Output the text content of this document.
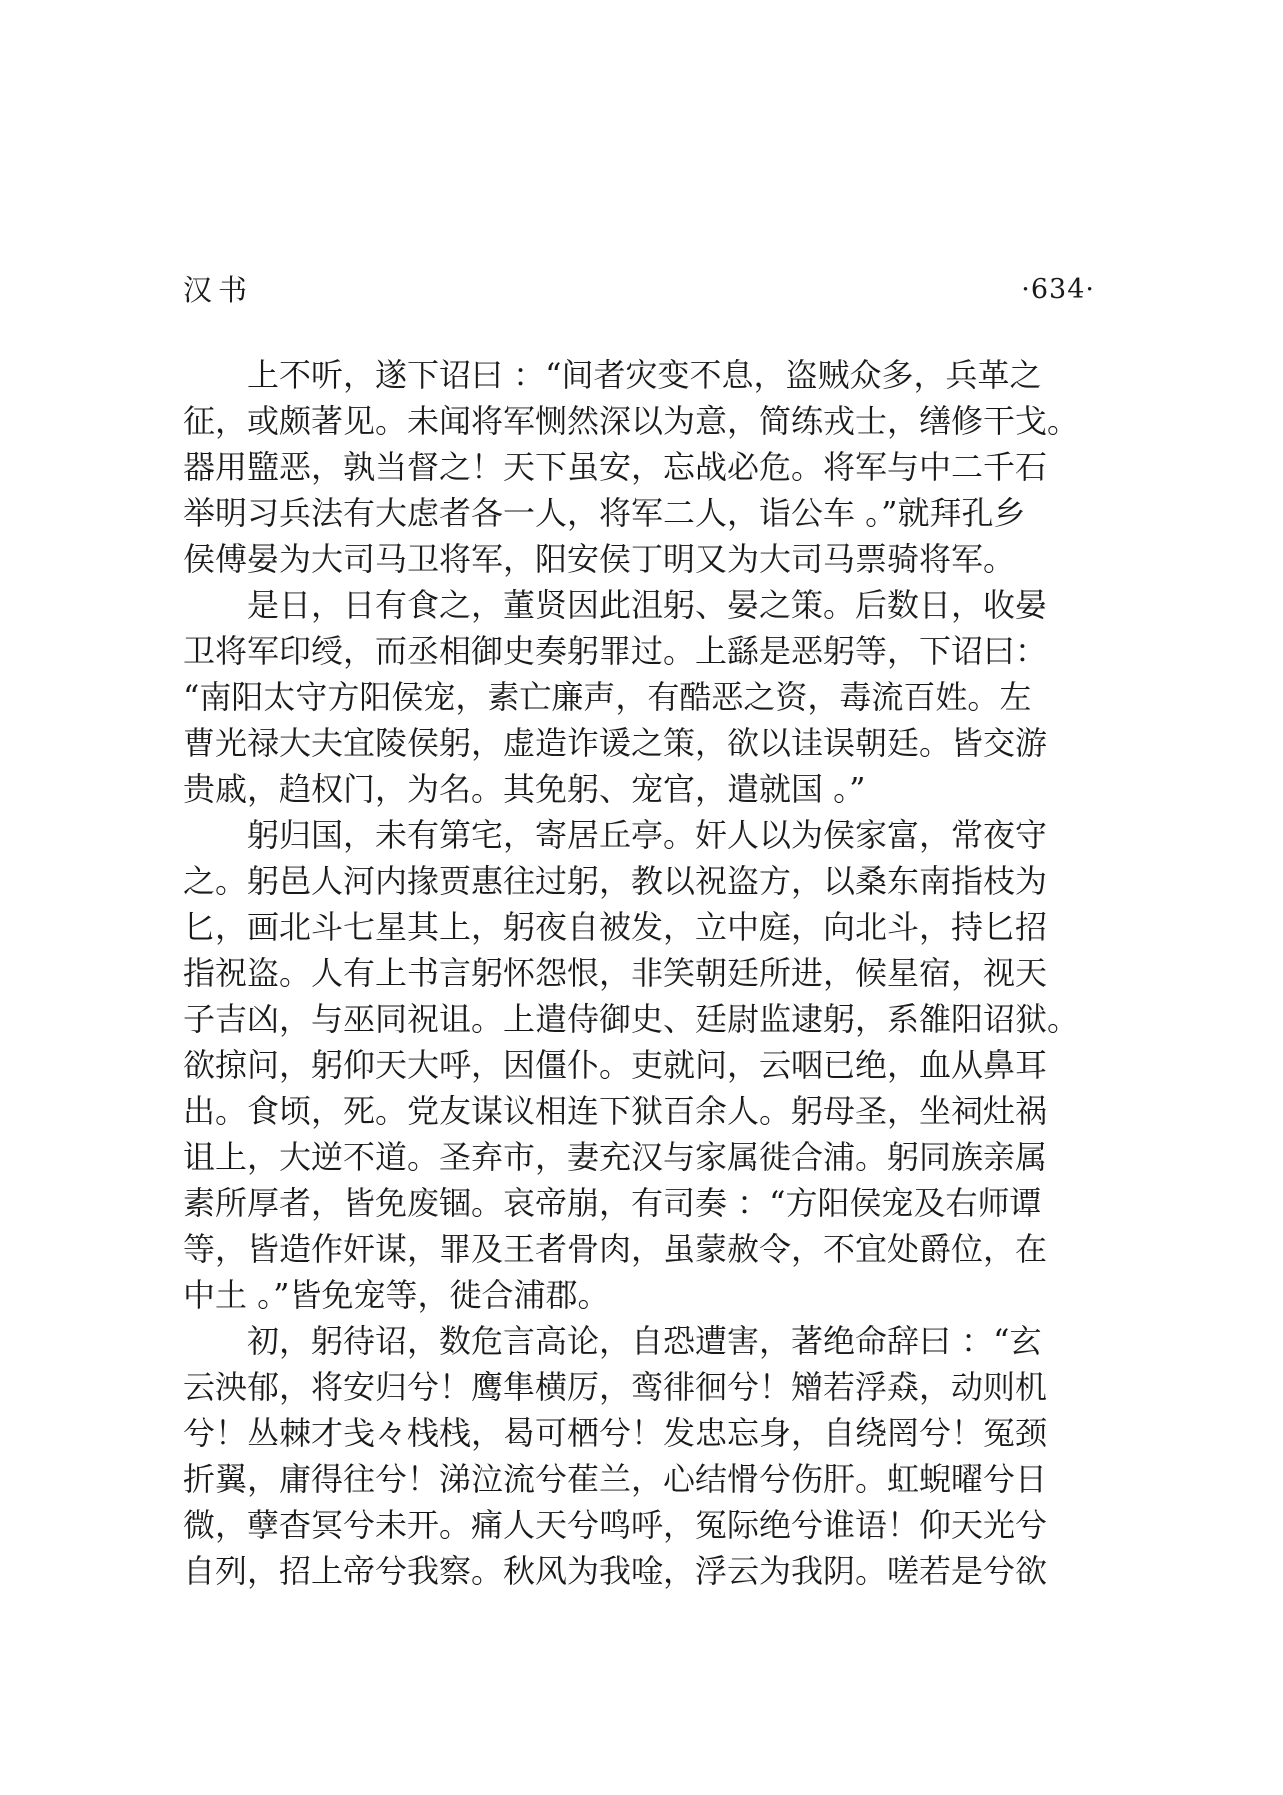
汉书	·634·

　　上不听，遂下诏曰 ：“间者灾变不息，盗贼众多，兵革之
征，或颇著见。未闻将军恻然深以为意，简练戎士，缮修干戈。
器用盬恶，孰当督之！天下虽安，忘战必危。将军与中二千石
举明习兵法有大虑者各一人，将军二人，诣公车 。”就拜孔乡
侯傅晏为大司马卫将军，阳安侯丁明又为大司马票骑将军。

　　是日，日有食之，董贤因此沮躬、晏之策。后数日，收晏
卫将军印绶，而丞相御史奏躬罪过。上繇是恶躬等，下诏曰：
“南阳太守方阳侯宠，素亡廉声，有酷恶之资，毒流百姓。左
曹光禄大夫宜陵侯躬，虚造诈谖之策，欲以诖误朝廷。皆交游
贵戚，趋权门，为名。其免躬、宠官，遣就国 。”

　　躬归国，未有第宅，寄居丘亭。奸人以为侯家富，常夜守
之。躬邑人河内掾贾惠往过躬，教以祝盗方，以桑东南指枝为
匕，画北斗七星其上，躬夜自被发，立中庭，向北斗，持匕招
指祝盗。人有上书言躬怀怨恨，非笑朝廷所进，候星宿，视天
子吉凶，与巫同祝诅。上遣侍御史、廷尉监逮躬，系雒阳诏狱。
欲掠问，躬仰天大呼，因僵仆。吏就问，云咽已绝，血从鼻耳
出。食顷，死。党友谋议相连下狱百余人。躬母圣，坐祠灶祸
诅上，大逆不道。圣弃市，妻充汉与家属徙合浦。躬同族亲属
素所厚者，皆免废锢。哀帝崩，有司奏 ：“方阳侯宠及右师谭
等，皆造作奸谋，罪及王者骨肉，虽蒙赦令，不宜处爵位，在
中土 。”皆免宠等，徙合浦郡。

　　初，躬待诏，数危言高论，自恐遭害，著绝命辞曰 ：“玄
云泱郁，将安归兮！鹰隼横厉，鸾徘徊兮！矰若浮猋，动则机
兮！丛棘才戋々栈栈，曷可栖兮！发忠忘身，自绕罔兮！冤颈
折翼，庸得往兮！涕泣流兮萑兰，心结愲兮伤肝。虹蜺曜兮日
微，孽杳冥兮未开。痛人天兮鸣呼，冤际绝兮谁语！仰天光兮
自列，招上帝兮我察。秋风为我唫，浮云为我阴。嗟若是兮欲
